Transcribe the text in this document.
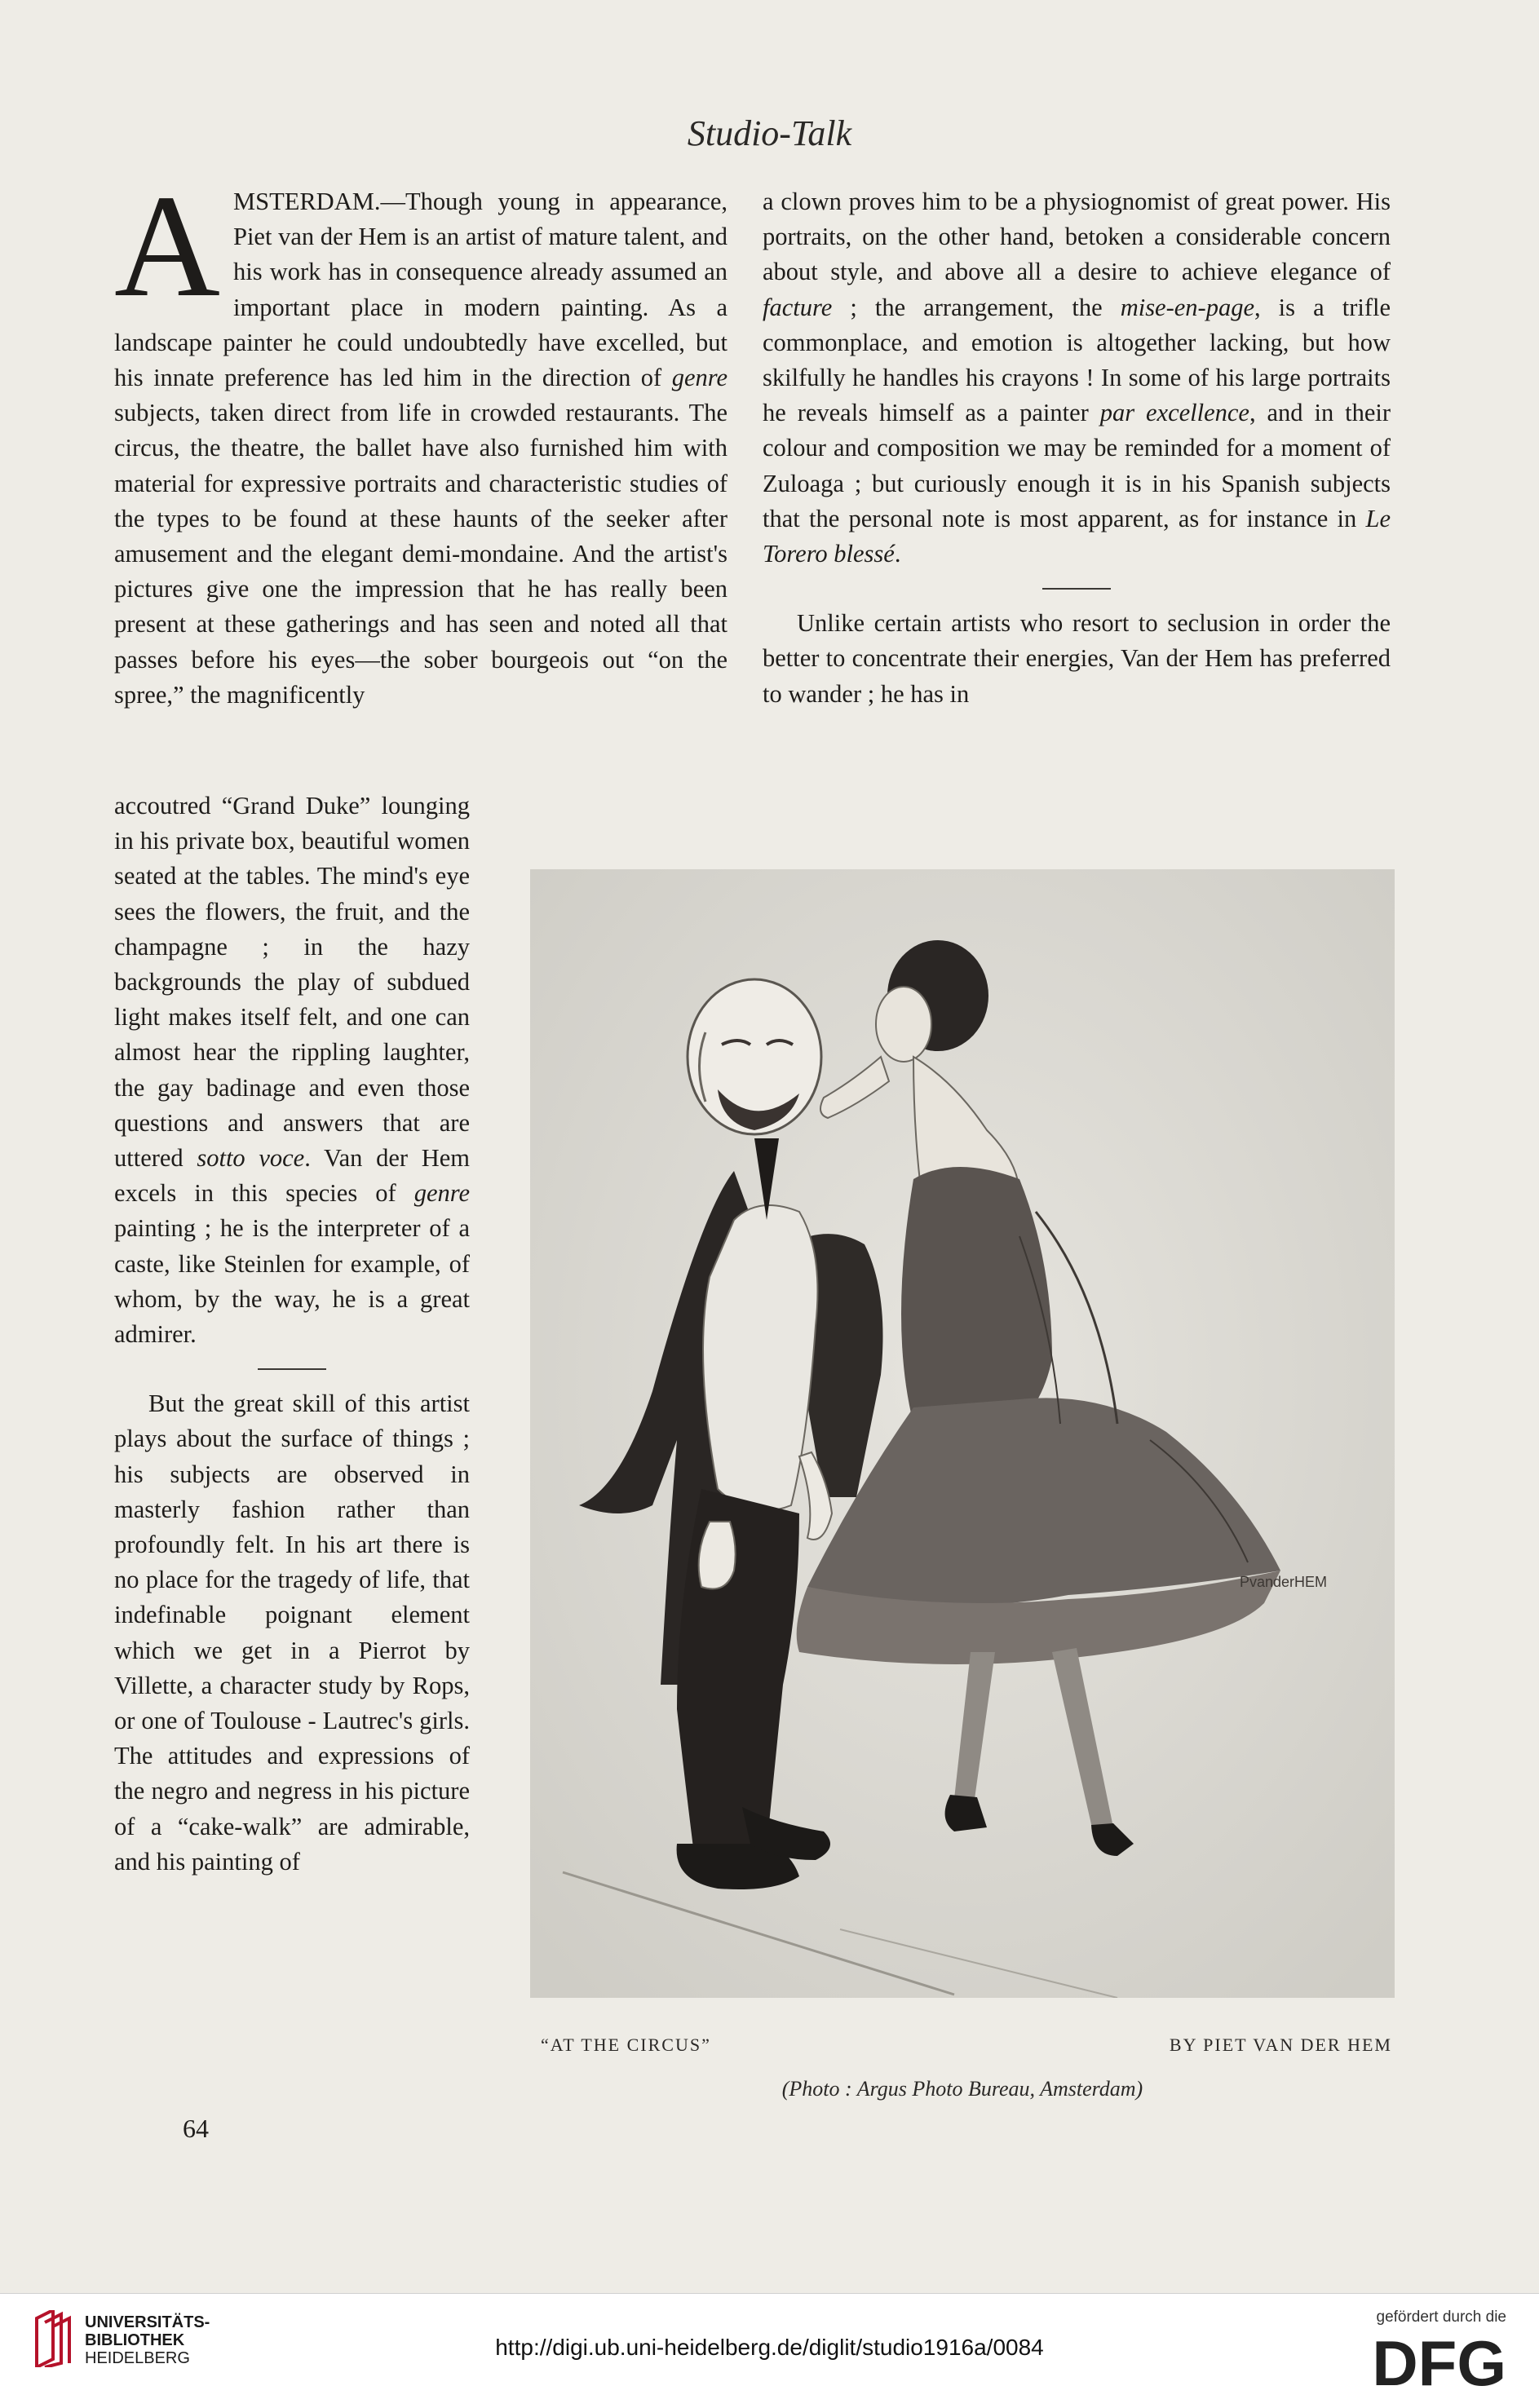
Studio-Talk

AMSTERDAM.—Though young in appearance, Piet van der Hem is an artist of mature talent, and his work has in consequence already assumed an important place in modern painting. As a landscape painter he could undoubtedly have excelled, but his innate preference has led him in the direction of genre subjects, taken direct from life in crowded restaurants. The circus, the theatre, the ballet have also furnished him with material for expressive portraits and characteristic studies of the types to be found at these haunts of the seeker after amusement and the elegant demi-mondaine. And the artist's pictures give one the impression that he has really been present at these gatherings and has seen and noted all that passes before his eyes—the sober bourgeois out “on the spree,” the magnificently

accoutred “Grand Duke” lounging in his private box, beautiful women seated at the tables. The mind's eye sees the flowers, the fruit, and the champagne ; in the hazy backgrounds the play of subdued light makes itself felt, and one can almost hear the rippling laughter, the gay badinage and even those questions and answers that are uttered sotto voce. Van der Hem excels in this species of genre painting ; he is the interpreter of a caste, like Steinlen for example, of whom, by the way, he is a great admirer.

But the great skill of this artist plays about the surface of things ; his subjects are observed in masterly fashion rather than profoundly felt. In his art there is no place for the tragedy of life, that indefinable poignant element which we get in a Pierrot by Villette, a character study by Rops, or one of Toulouse - Lautrec's girls. The attitudes and expressions of the negro and negress in his picture of a “cake-walk” are admirable, and his painting of

a clown proves him to be a physiognomist of great power. His portraits, on the other hand, betoken a considerable concern about style, and above all a desire to achieve elegance of facture ; the arrangement, the mise-en-page, is a trifle commonplace, and emotion is altogether lacking, but how skilfully he handles his crayons ! In some of his large portraits he reveals himself as a painter par excellence, and in their colour and composition we may be reminded for a moment of Zuloaga ; but curiously enough it is in his Spanish subjects that the personal note is most apparent, as for instance in Le Torero blessé.

Unlike certain artists who resort to seclusion in order the better to concentrate their energies, Van der Hem has preferred to wander ; he has in

PvanderHEM
“AT THE CIRCUS”	BY PIET VAN DER HEM
(Photo : Argus Photo Bureau, Amsterdam)
64
UNIVERSITÄTS-
BIBLIOTHEK
HEIDELBERG	http://digi.ub.uni-heidelberg.de/diglit/studio1916a/0084
gefördert durch die
DFG
